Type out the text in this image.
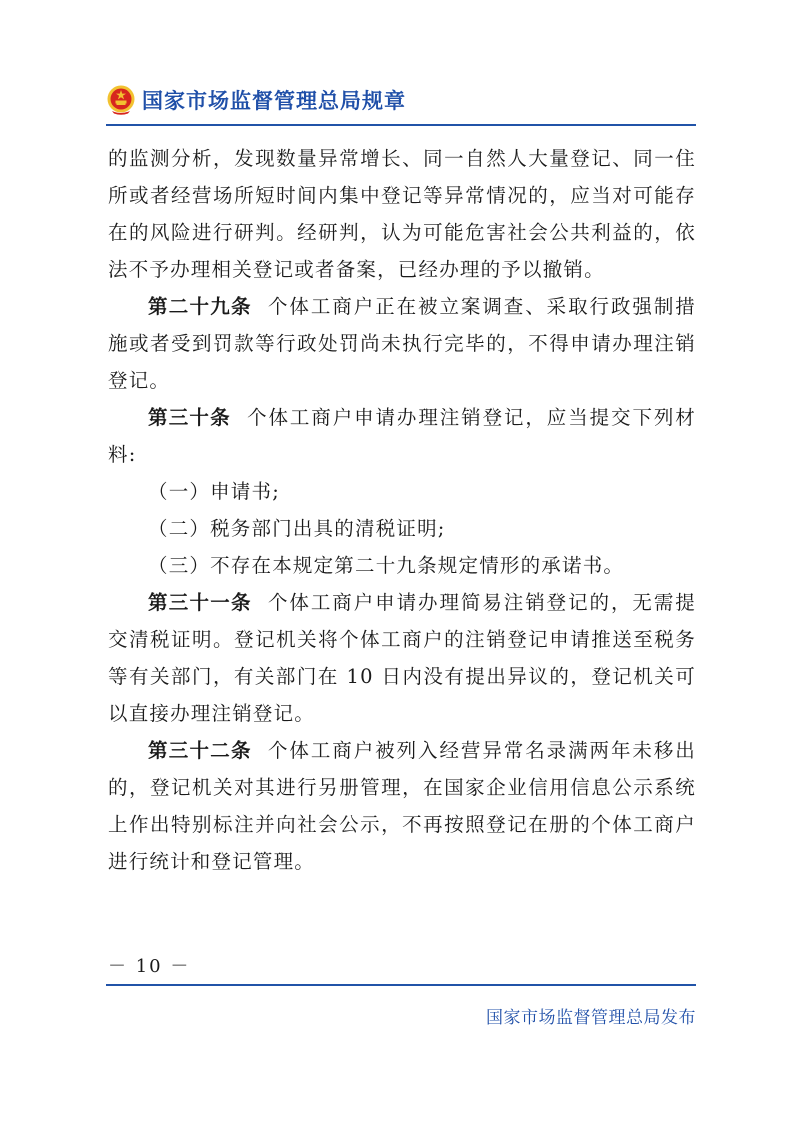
国家市场监督管理总局规章

的监测分析，发现数量异常增长、同一自然人大量登记、同一住所或者经营场所短时间内集中登记等异常情况的，应当对可能存在的风险进行研判。经研判，认为可能危害社会公共利益的，依法不予办理相关登记或者备案，已经办理的予以撤销。

第二十九条 个体工商户正在被立案调查、采取行政强制措施或者受到罚款等行政处罚尚未执行完毕的，不得申请办理注销登记。

第三十条 个体工商户申请办理注销登记，应当提交下列材料:

（一）申请书;

（二）税务部门出具的清税证明;

（三）不存在本规定第二十九条规定情形的承诺书。

第三十一条 个体工商户申请办理简易注销登记的，无需提交清税证明。登记机关将个体工商户的注销登记申请推送至税务等有关部门，有关部门在 10 日内没有提出异议的，登记机关可以直接办理注销登记。

第三十二条 个体工商户被列入经营异常名录满两年未移出的，登记机关对其进行另册管理，在国家企业信用信息公示系统上作出特别标注并向社会公示，不再按照登记在册的个体工商户进行统计和登记管理。

－ 10 －
国家市场监督管理总局发布
